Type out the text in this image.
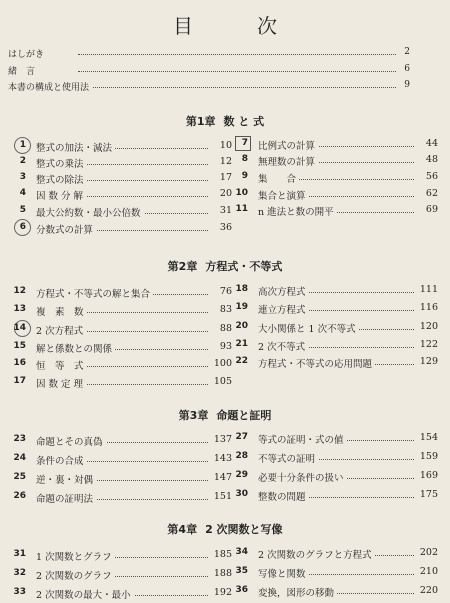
目　次
はしがき	2
緒　言	6
本書の構成と使用法	9
第1章 数 と 式
1 整式の加法・減法	10
2 整式の乗法	12
3 整式の除法	17
4 因 数 分 解	20
5 最大公約数・最小公倍数	31
6 分数式の計算	36
7 比例式の計算	44
8 無理数の計算	48
9 集　　合	56
10 集合と演算	62
11 n 進法と数の開平	69
第2章 方程式・不等式
12 方程式・不等式の解と集合	76
13 複　素　数	83
14 2 次方程式	88
15 解と係数との関係	93
16 恒　等　式	100
17 因 数 定 理	105
18 高次方程式	111
19 連立方程式	116
20 大小関係と 1 次不等式	120
21 2 次不等式	122
22 方程式・不等式の応用問題	129
第3章 命題と証明
23 命題とその真偽	137
24 条件の合成	143
25 逆・裏・対偶	147
26 命題の証明法	151
27 等式の証明・式の値	154
28 不等式の証明	159
29 必要十分条件の扱い	169
30 整数の問題	175
第4章 2 次関数と写像
31 1 次関数とグラフ	185
32 2 次関数のグラフ	188
33 2 次関数の最大・最小	192
34 2 次関数のグラフと方程式	202
35 写像と関数	210
36 変換，図形の移動	220
